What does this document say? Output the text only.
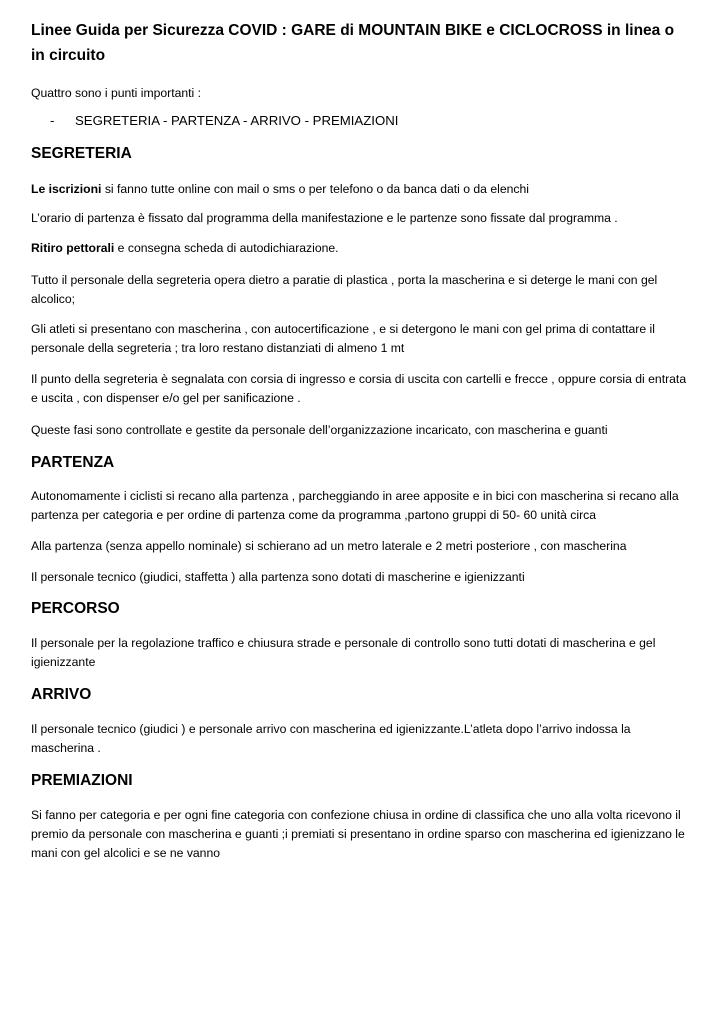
Linee Guida per Sicurezza COVID : GARE di MOUNTAIN BIKE e CICLOCROSS in linea o in circuito

Quattro sono i punti importanti :

- SEGRETERIA - PARTENZA - ARRIVO - PREMIAZIONI
SEGRETERIA
Le iscrizioni si fanno tutte online con mail o sms o per telefono o da banca dati o da elenchi
L’orario di partenza è fissato dal programma della manifestazione e le partenze sono fissate dal programma .
Ritiro pettorali e consegna scheda di autodichiarazione.
Tutto il personale della segreteria opera dietro a paratie di plastica , porta la mascherina e si deterge le mani con gel alcolico;
Gli atleti si presentano con mascherina , con autocertificazione , e si detergono le mani con gel prima di contattare il personale della segreteria ; tra loro restano distanziati di almeno 1 mt
Il punto della segreteria è segnalata con corsia di ingresso e corsia di uscita con cartelli e frecce , oppure corsia di entrata e uscita , con dispenser e/o gel per sanificazione .
Queste fasi sono controllate e gestite da personale dell’organizzazione incaricato, con mascherina e guanti
PARTENZA
Autonomamente i ciclisti si recano alla partenza , parcheggiando in aree apposite e in bici con mascherina si recano alla partenza per categoria e per ordine di partenza come da programma ,partono gruppi di 50- 60 unità circa
Alla partenza (senza appello nominale) si schierano ad un metro laterale e 2 metri posteriore , con mascherina
Il personale tecnico (giudici, staffetta ) alla partenza sono dotati di mascherine e igienizzanti
PERCORSO
Il personale per la regolazione traffico e chiusura strade e personale di controllo sono tutti dotati di mascherina e gel igienizzante
ARRIVO
Il personale tecnico (giudici ) e personale arrivo con mascherina ed igienizzante.L’atleta dopo l’arrivo indossa la mascherina .
PREMIAZIONI
Si fanno per categoria e per ogni fine categoria con confezione chiusa in ordine di classifica che uno alla volta ricevono il premio da personale con mascherina e guanti ;i premiati si presentano in ordine sparso con mascherina ed igienizzano le mani con gel alcolici e se ne vanno
